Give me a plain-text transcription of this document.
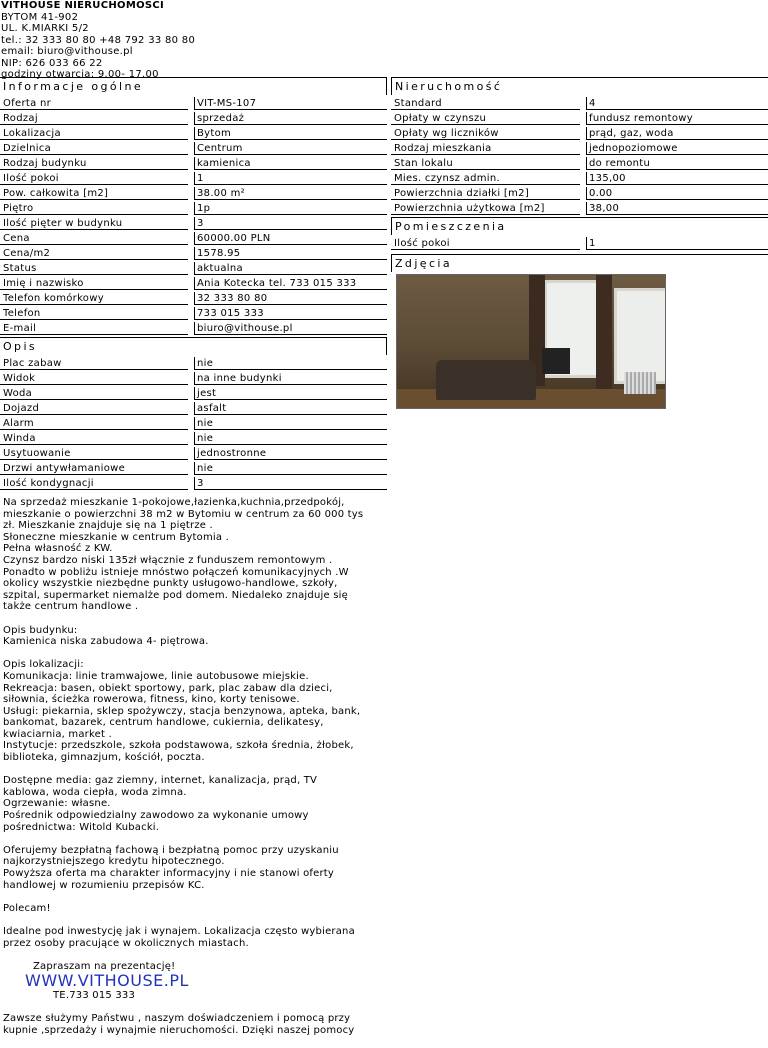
VITHOUSE NIERUCHOMOŚCI
BYTOM 41-902
UL. K.MIARKI 5/2
tel.: 32 333 80 80 +48 792 33 80 80
email: biuro@vithouse.pl
NIP: 626 033 66 22
godziny otwarcia: 9.00- 17.00
Informacje ogólne
Oferta nr	VIT-MS-107
Rodzaj	sprzedaż
Lokalizacja	Bytom
Dzielnica	Centrum
Rodzaj budynku	kamienica
Ilość pokoi	1
Pow. całkowita [m2]	38.00 m²
Piętro	1p
Ilość pięter w budynku	3
Cena	60000.00 PLN
Cena/m2	1578.95
Status	aktualna
Imię i nazwisko	Ania Kotecka tel. 733 015 333
Telefon komórkowy	32 333 80 80
Telefon	733 015 333
E-mail	biuro@vithouse.pl
Opis
Plac zabaw	nie
Widok	na inne budynki
Woda	jest
Dojazd	asfalt
Alarm	nie
Winda	nie
Usytuowanie	jednostronne
Drzwi antywłamaniowe	nie
Ilość kondygnacji	3

Na sprzedaż mieszkanie 1-pokojowe,łazienka,kuchnia,przedpokój,
mieszkanie o powierzchni 38 m2 w Bytomiu w centrum za 60 000 tys
zł. Mieszkanie znajduje się na 1 piętrze .
Słoneczne mieszkanie w centrum Bytomia .
Pełna własność z KW.
Czynsz bardzo niski 135zł włącznie z funduszem remontowym .
Ponadto w pobliżu istnieje mnóstwo połączeń komunikacyjnych .W
okolicy wszystkie niezbędne punkty usługowo-handlowe, szkoły,
szpital, supermarket niemalże pod domem. Niedaleko znajduje się
także centrum handlowe .

Opis budynku:
Kamienica niska zabudowa 4- piętrowa.

Opis lokalizacji:
Komunikacja: linie tramwajowe, linie autobusowe miejskie.
Rekreacja: basen, obiekt sportowy, park, plac zabaw dla dzieci,
siłownia, ścieżka rowerowa, fitness, kino, korty tenisowe.
Usługi: piekarnia, sklep spożywczy, stacja benzynowa, apteka, bank,
bankomat, bazarek, centrum handlowe, cukiernia, delikatesy,
kwiaciarnia, market .
Instytucje: przedszkole, szkoła podstawowa, szkoła średnia, żłobek,
biblioteka, gimnazjum, kościół, poczta.

Dostępne media: gaz ziemny, internet, kanalizacja, prąd, TV
kablowa, woda ciepła, woda zimna.
Ogrzewanie: własne.
Pośrednik odpowiedzialny zawodowo za wykonanie umowy
pośrednictwa: Witold Kubacki.

Oferujemy bezpłatną fachową i bezpłatną pomoc przy uzyskaniu
najkorzystniejszego kredytu hipotecznego.
Powyższa oferta ma charakter informacyjny i nie stanowi oferty
handlowej w rozumieniu przepisów KC.

Polecam!

Idealne pod inwestycję jak i wynajem. Lokalizacja często wybierana
przez osoby pracujące w okolicznych miastach.

Zapraszam na prezentację!
WWW.VITHOUSE.PL
TE.733 015 333

Zawsze służymy Państwu , naszym doświadczeniem i pomocą przy
kupnie ,sprzedaży i wynajmie nieruchomości. Dzięki naszej pomocy

Nieruchomość
Standard	4
Opłaty w czynszu	fundusz remontowy
Opłaty wg liczników	prąd, gaz, woda
Rodzaj mieszkania	jednopoziomowe
Stan lokalu	do remontu
Mies. czynsz admin.	135,00
Powierzchnia działki [m2]	0.00
Powierzchnia użytkowa [m2]	38,00
Pomieszczenia
Ilość pokoi	1
Zdjęcia
